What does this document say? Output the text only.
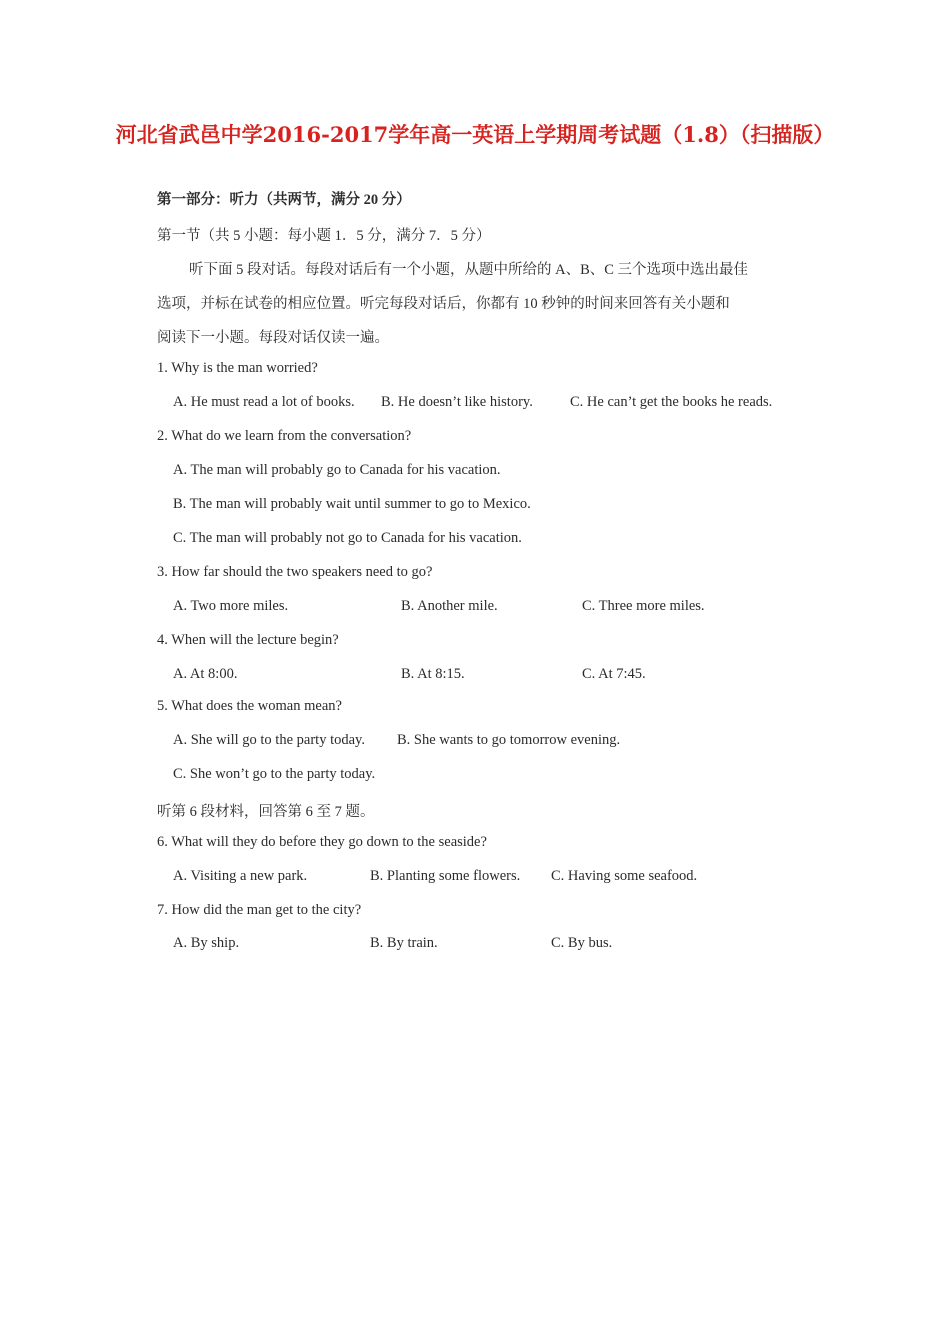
河北省武邑中学2016-2017学年高一英语上学期周考试题（1.8）（扫描版）
第一部分：听力（共两节，满分 20 分）
第一节（共 5 小题：每小题 1．5 分，满分 7．5 分）
听下面 5 段对话。每段对话后有一个小题，从题中所给的 A、B、C 三个选项中选出最佳
选项，并标在试卷的相应位置。听完每段对话后，你都有 10 秒钟的时间来回答有关小题和
阅读下一小题。每段对话仅读一遍。
1. Why is the man worried?
A. He must read a lot of books. B. He doesn’t like history.	C. He can’t get the books he reads.
2. What do we learn from the conversation?
A. The man will probably go to Canada for his vacation.
B. The man will probably wait until summer to go to Mexico.
C. The man will probably not go to Canada for his vacation.
3. How far should the two speakers need to go?
A. Two more miles.	B. Another mile.	C. Three more miles.
4. When will the lecture begin?
A. At 8:00.	B. At 8:15.	C. At 7:45.
5. What does the woman mean?
A. She will go to the party today. B. She wants to go tomorrow evening.
C. She won’t go to the party today.
听第 6 段材料，回答第 6 至 7 题。
6. What will they do before they go down to the seaside?
A. Visiting a new park.	B. Planting some flowers. C. Having some seafood.
7. How did the man get to the city?
A. By ship.	B. By train.	C. By bus.
